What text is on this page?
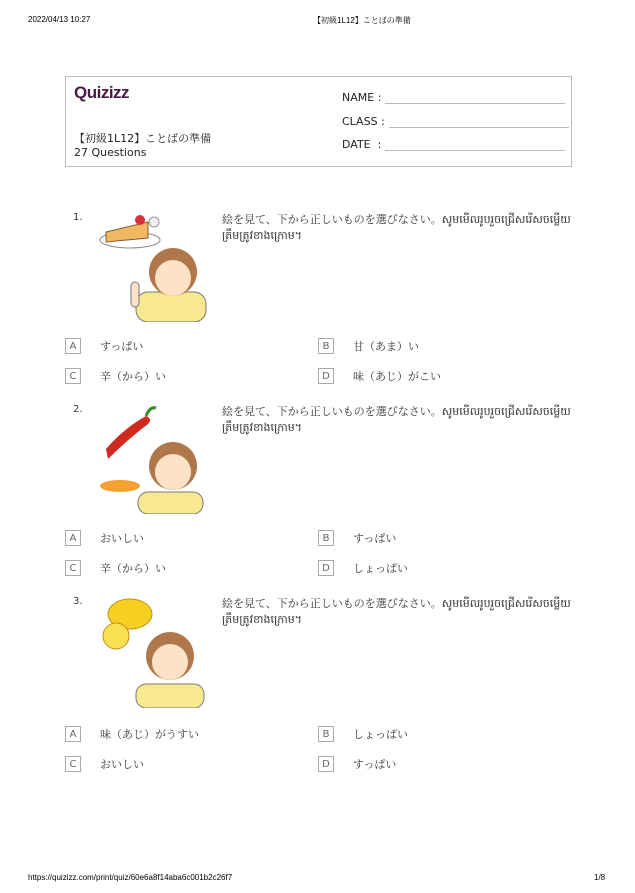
2022/04/13 10:27	【初級1L12】ことばの準備
Quizizz
【初級1L12】ことばの準備
27 Questions
NAME :
CLASS :
DATE  :
1.	絵を見て、下から正しいものを選びなさい。សូមមើលរូបរួចជ្រើសរើសចម្លើយត្រឹមត្រូវខាងក្រោម។
A	すっぱい	B	甘（あま）い
C	辛（から）い	D	味（あじ）がこい
2.	絵を見て、下から正しいものを選びなさい。សូមមើលរូបរួចជ្រើសរើសចម្លើយត្រឹមត្រូវខាងក្រោម។
A	おいしい	B	すっぱい
C	辛（から）い	D	しょっぱい
3.	絵を見て、下から正しいものを選びなさい。សូមមើលរូបរួចជ្រើសរើសចម្លើយត្រឹមត្រូវខាងក្រោម។
A	味（あじ）がうすい	B	しょっぱい
C	おいしい	D	すっぱい
https://quizizz.com/print/quiz/60e6a8f14aba6c001b2c26f7	1/8
